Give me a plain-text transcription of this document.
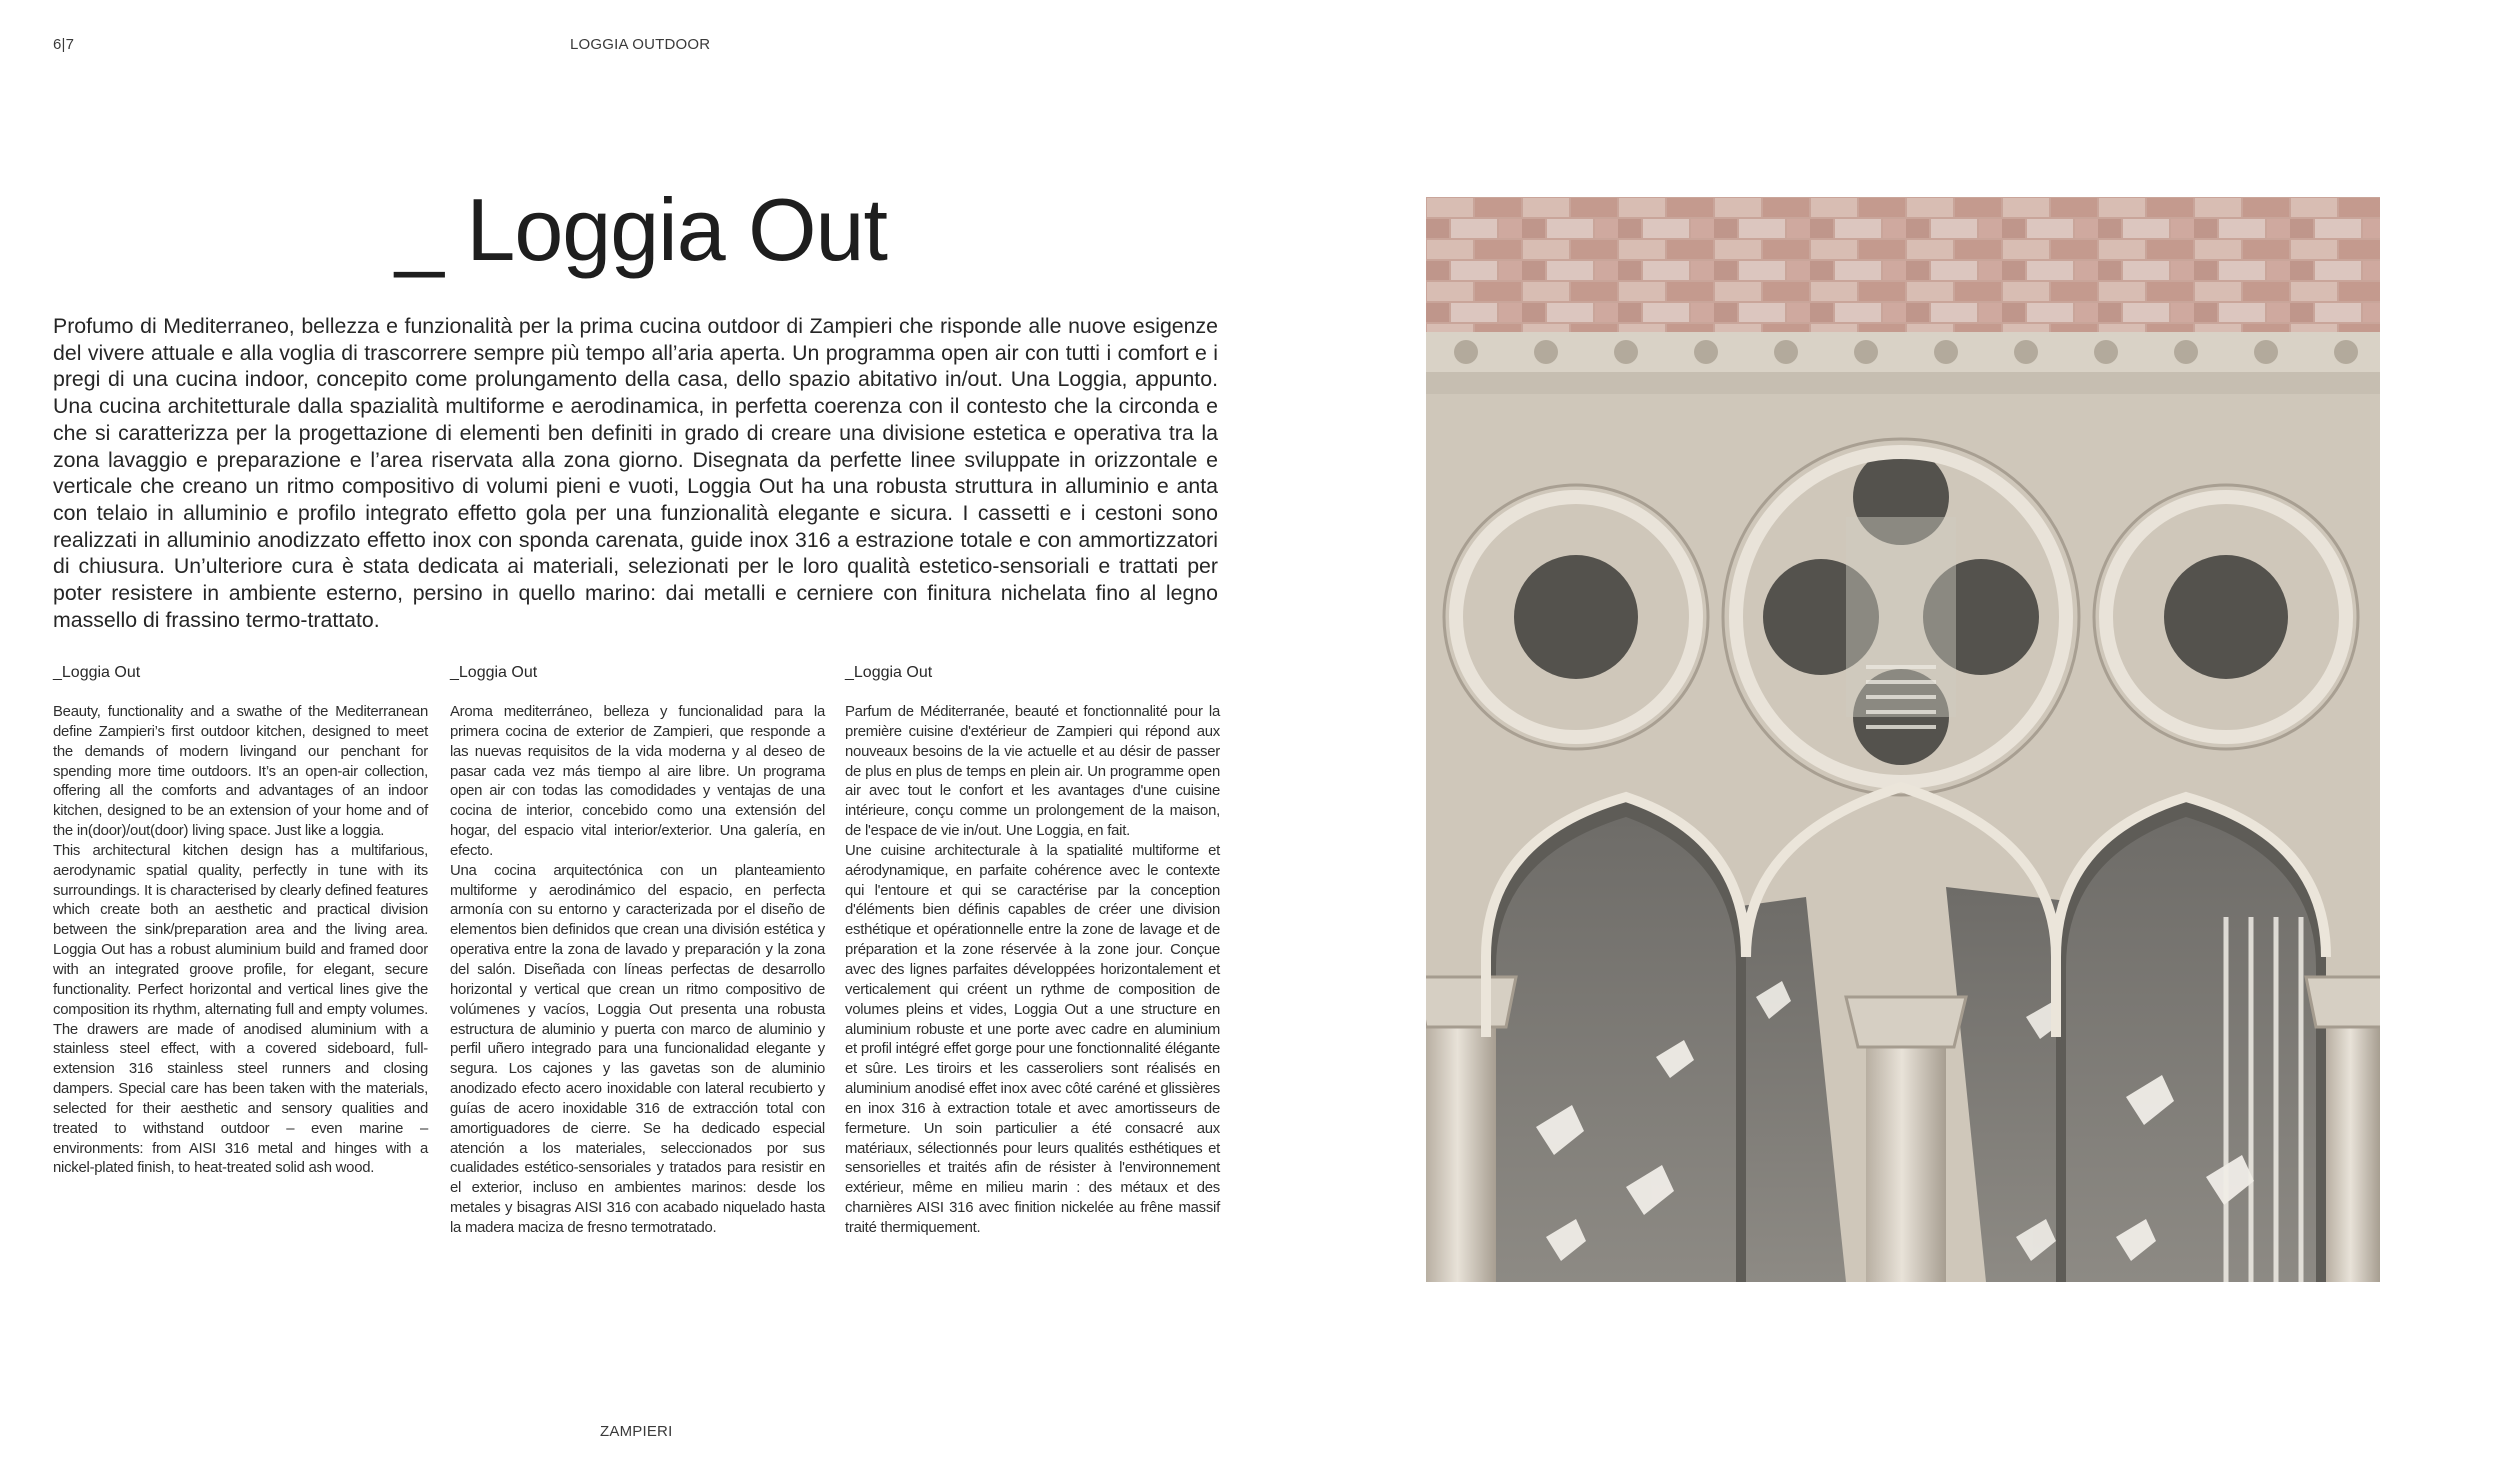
6|7	LOGGIA OUTDOOR
_ Loggia Out
Profumo di Mediterraneo, bellezza e funzionalità per la prima cucina outdoor di Zampieri che risponde alle nuove esigenze del vivere attuale e alla voglia di trascorrere sempre più tempo all’aria aperta. Un programma open air con tutti i comfort e i pregi di una cucina indoor, concepito come prolungamento della casa, dello spazio abitativo in/out. Una Loggia, appunto. Una cucina architetturale dalla spazialità multiforme e aerodinamica, in perfetta coerenza con il contesto che la circonda e che si caratterizza per la progettazione di elementi ben definiti in grado di creare una divisione estetica e operativa tra la zona lavaggio e preparazione e l’area riservata alla zona giorno. Disegnata da perfette linee sviluppate in orizzontale e verticale che creano un ritmo compositivo di volumi pieni e vuoti, Loggia Out ha una robusta struttura in alluminio e anta con telaio in alluminio e profilo integrato effetto gola per una funzionalità elegante e sicura. I cassetti e i cestoni sono realizzati in alluminio anodizzato effetto inox con sponda carenata, guide inox 316 a estrazione totale e con ammortizzatori di chiusura. Un’ulteriore cura è stata dedicata ai materiali, selezionati per le loro qualità estetico-sensoriali e trattati per poter resistere in ambiente esterno, persino in quello marino: dai metalli e cerniere con finitura nichelata fino al legno massello di frassino termo-trattato.
_Loggia Out

Beauty, functionality and a swathe of the Mediterranean define Zampieri’s first outdoor kitchen, designed to meet the demands of modern livingand our penchant for spending more time outdoors. It’s an open-air collection, offering all the comforts and advantages of an indoor kitchen, designed to be an extension of your home and of the in(door)/out(door) living space. Just like a loggia.

This architectural kitchen design has a multifarious, aerodynamic spatial quality, perfectly in tune with its surroundings. It is characterised by clearly defined features which create both an aesthetic and practical division between the sink/preparation area and the living area. Loggia Out has a robust aluminium build and framed door with an integrated groove profile, for elegant, secure functionality. Perfect horizontal and vertical lines give the composition its rhythm, alternating full and empty volumes. The drawers are made of anodised aluminium with a stainless steel effect, with a covered sideboard, full-extension 316 stainless steel runners and closing dampers. Special care has been taken with the materials, selected for their aesthetic and sensory qualities and treated to withstand outdoor – even marine – environments: from AISI 316 metal and hinges with a nickel-plated finish, to heat-treated solid ash wood.

_Loggia Out

Aroma mediterráneo, belleza y funcionalidad para la primera cocina de exterior de Zampieri, que responde a las nuevas requisitos de la vida moderna y al deseo de pasar cada vez más tiempo al aire libre. Un programa open air con todas las comodidades y ventajas de una cocina de interior, concebido como una extensión del hogar, del espacio vital interior/exterior. Una galería, en efecto.

Una cocina arquitectónica con un planteamiento multiforme y aerodinámico del espacio, en perfecta armonía con su entorno y caracterizada por el diseño de elementos bien definidos que crean una división estética y operativa entre la zona de lavado y preparación y la zona del salón. Diseñada con líneas perfectas de desarrollo horizontal y vertical que crean un ritmo compositivo de volúmenes y vacíos, Loggia Out presenta una robusta estructura de aluminio y puerta con marco de aluminio y perfil uñero integrado para una funcionalidad elegante y segura. Los cajones y las gavetas son de aluminio anodizado efecto acero inoxidable con lateral recubierto y guías de acero inoxidable 316 de extracción total con amortiguadores de cierre. Se ha dedicado especial atención a los materiales, seleccionados por sus cualidades estético-sensoriales y tratados para resistir en el exterior, incluso en ambientes marinos: desde los metales y bisagras AISI 316 con acabado niquelado hasta la madera maciza de fresno termotratado.

_Loggia Out

Parfum de Méditerranée, beauté et fonctionnalité pour la première cuisine d'extérieur de Zampieri qui répond aux nouveaux besoins de la vie actuelle et au désir de passer de plus en plus de temps en plein air. Un programme open air avec tout le confort et les avantages d'une cuisine intérieure, conçu comme un prolongement de la maison, de l'espace de vie in/out. Une Loggia, en fait.

Une cuisine architecturale à la spatialité multiforme et aérodynamique, en parfaite cohérence avec le contexte qui l'entoure et qui se caractérise par la conception d'éléments bien définis capables de créer une division esthétique et opérationnelle entre la zone de lavage et de préparation et la zone réservée à la zone jour. Conçue avec des lignes parfaites développées horizontalement et verticalement qui créent un rythme de composition de volumes pleins et vides, Loggia Out a une structure en aluminium robuste et une porte avec cadre en aluminium et profil intégré effet gorge pour une fonctionnalité élégante et sûre. Les tiroirs et les casseroliers sont réalisés en aluminium anodisé effet inox avec côté caréné et glissières en inox 316 à extraction totale et avec amortisseurs de fermeture. Un soin particulier a été consacré aux matériaux, sélectionnés pour leurs qualités esthétiques et sensorielles et traités afin de résister à l'environnement extérieur, même en milieu marin : des métaux et des charnières AISI 316 avec finition nickelée au frêne massif traité thermiquement.

ZAMPIERI
